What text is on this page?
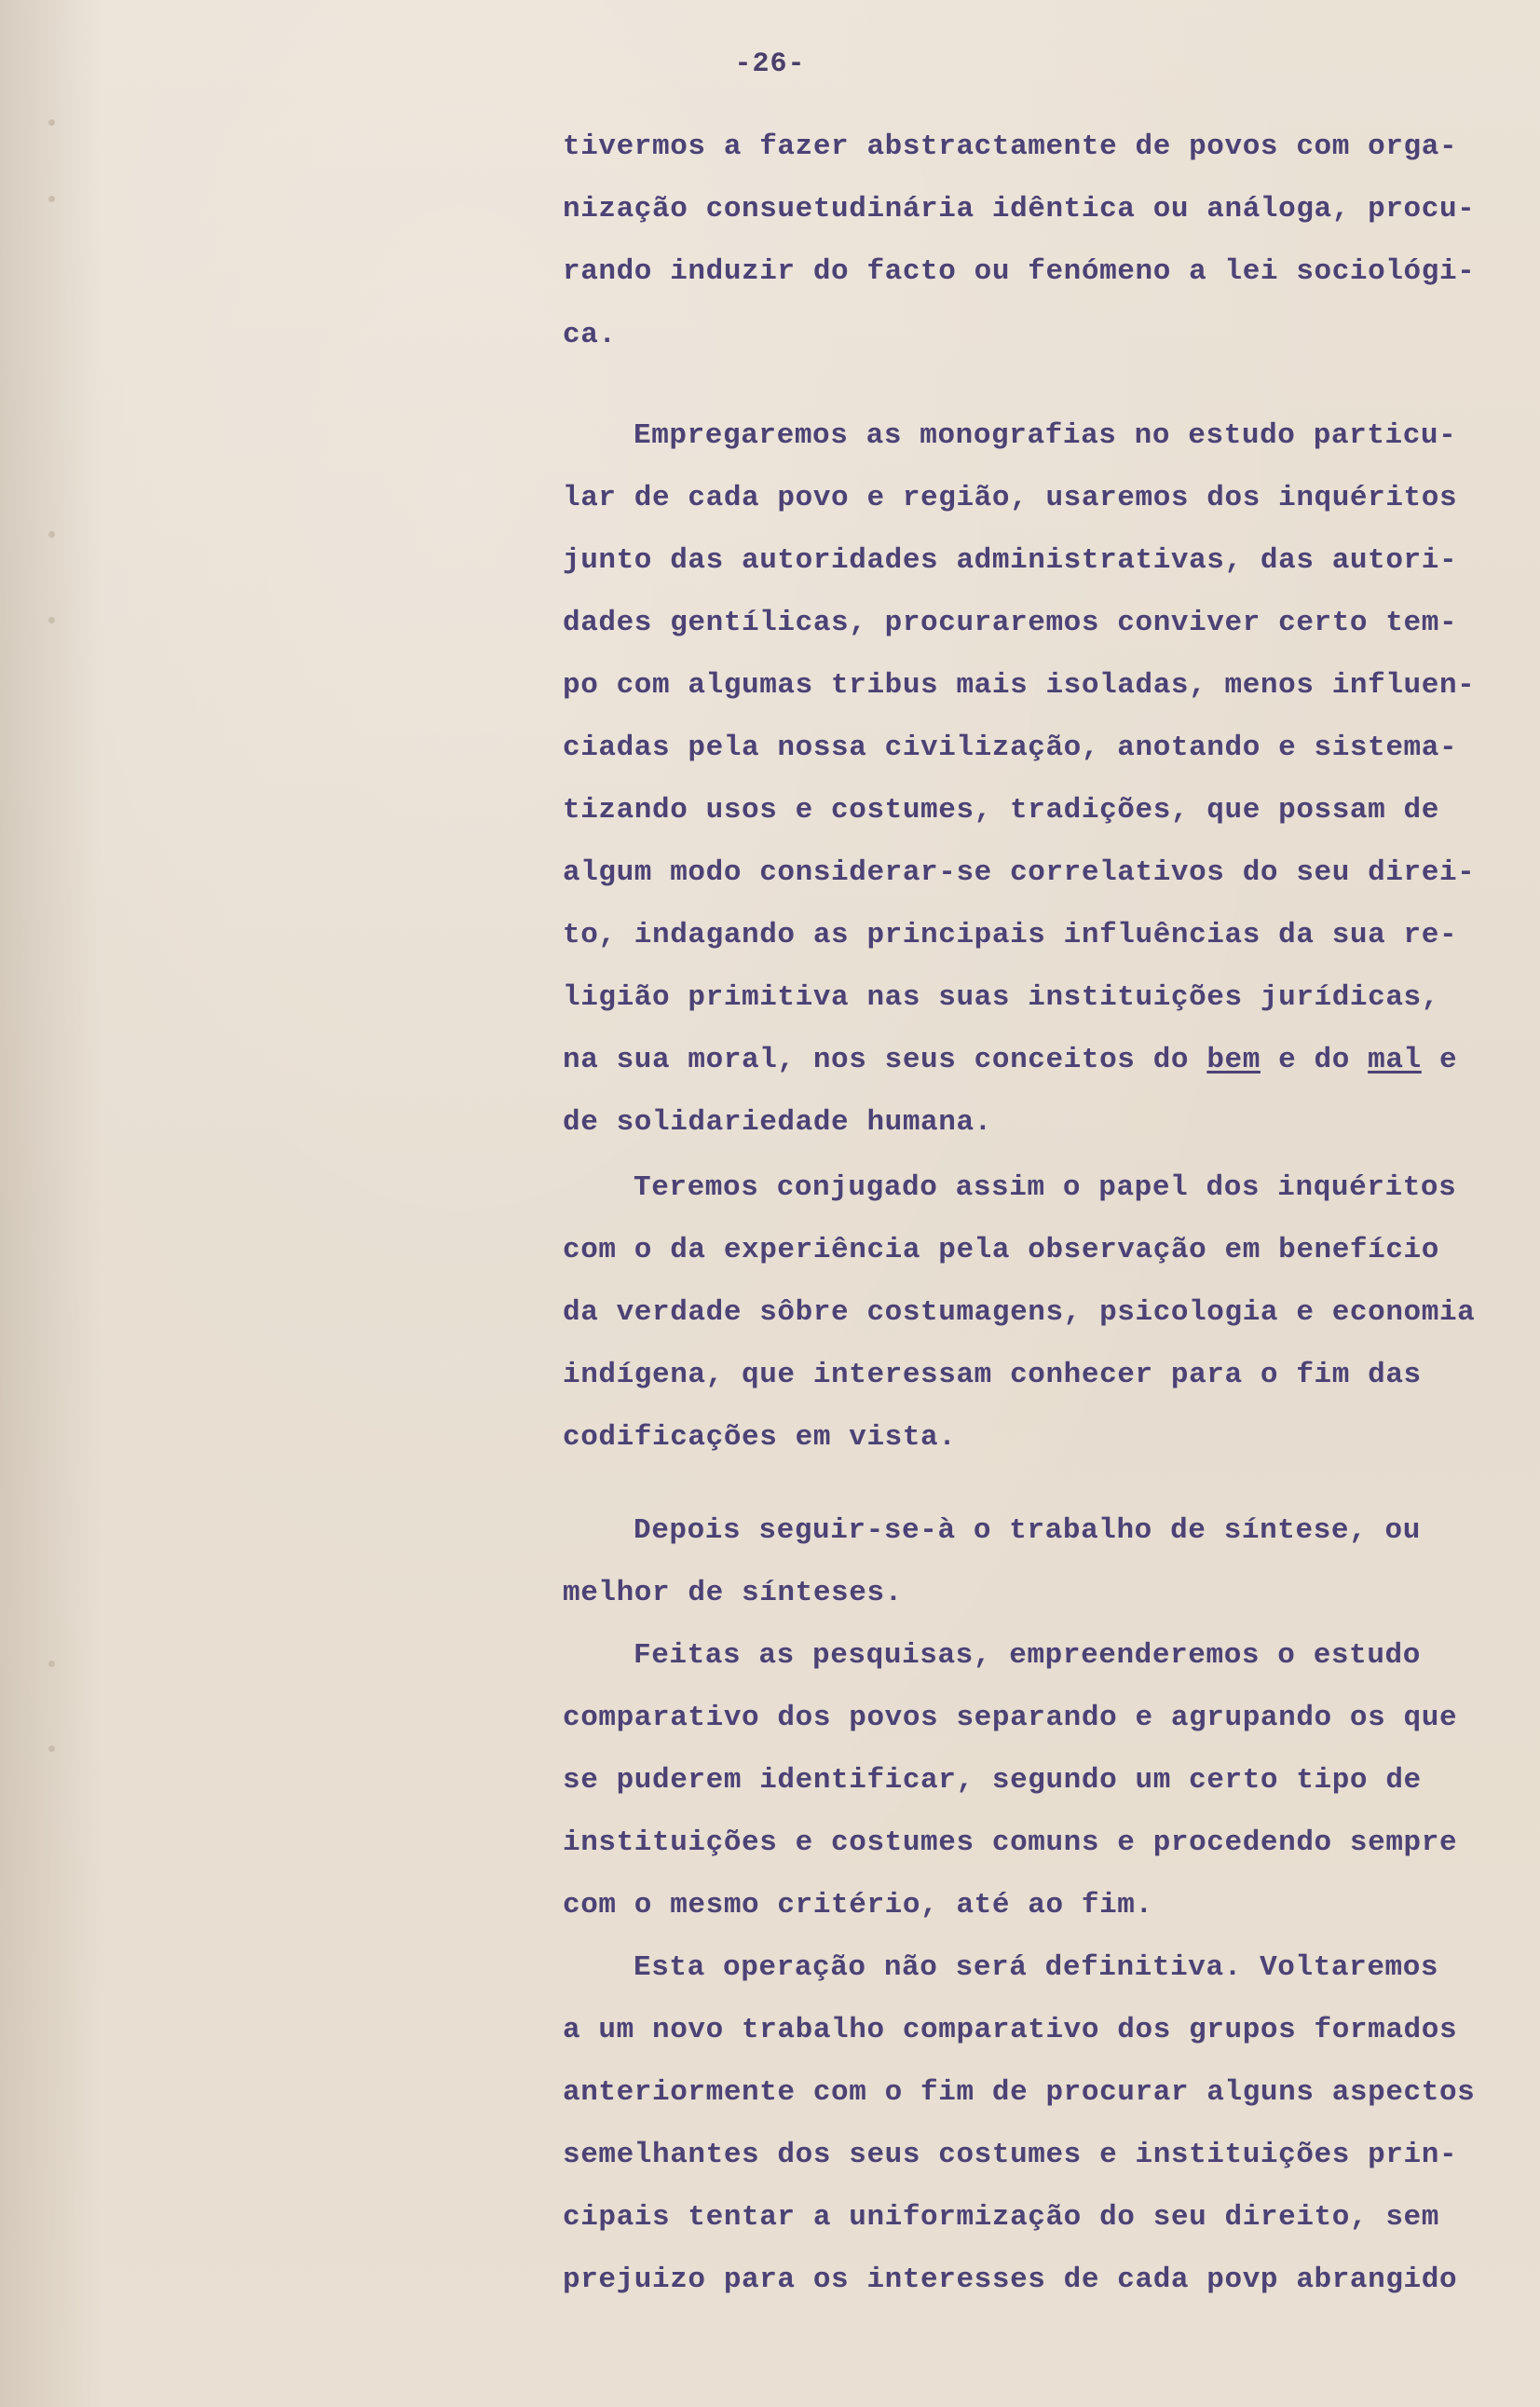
-26-
tivermos a fazer abstractamente de povos com orga-
nização consuetudinária idêntica ou análoga, procu-
rando induzir do facto ou fenómeno a lei sociológi-
ca.
Empregaremos as monografias no estudo particu-
lar de cada povo e região, usaremos dos inquéritos
junto das autoridades administrativas, das autori-
dades gentílicas, procuraremos conviver certo tem-
po com algumas tribus mais isoladas, menos influen-
ciadas pela nossa civilização, anotando e sistema-
tizando usos e costumes, tradições, que possam de
algum modo considerar-se correlativos do seu direi-
to, indagando as principais influências da sua re-
ligião primitiva nas suas instituições jurídicas,
na sua moral, nos seus conceitos do bem e do mal e
de solidariedade humana.
Teremos conjugado assim o papel dos inquéritos
com o da experiência pela observação em benefício
da verdade sôbre costumagens, psicologia e economia
indígena, que interessam conhecer para o fim das
codificações em vista.
Depois seguir-se-à o trabalho de síntese, ou
melhor de sínteses.
Feitas as pesquisas, empreenderemos o estudo
comparativo dos povos separando e agrupando os que
se puderem identificar, segundo um certo tipo de
instituições e costumes comuns e procedendo sempre
com o mesmo critério, até ao fim.
Esta operação não será definitiva. Voltaremos
a um novo trabalho comparativo dos grupos formados
anteriormente com o fim de procurar alguns aspectos
semelhantes dos seus costumes e instituições prin-
cipais tentar a uniformização do seu direito, sem
prejuizo para os interesses de cada povp abrangido
